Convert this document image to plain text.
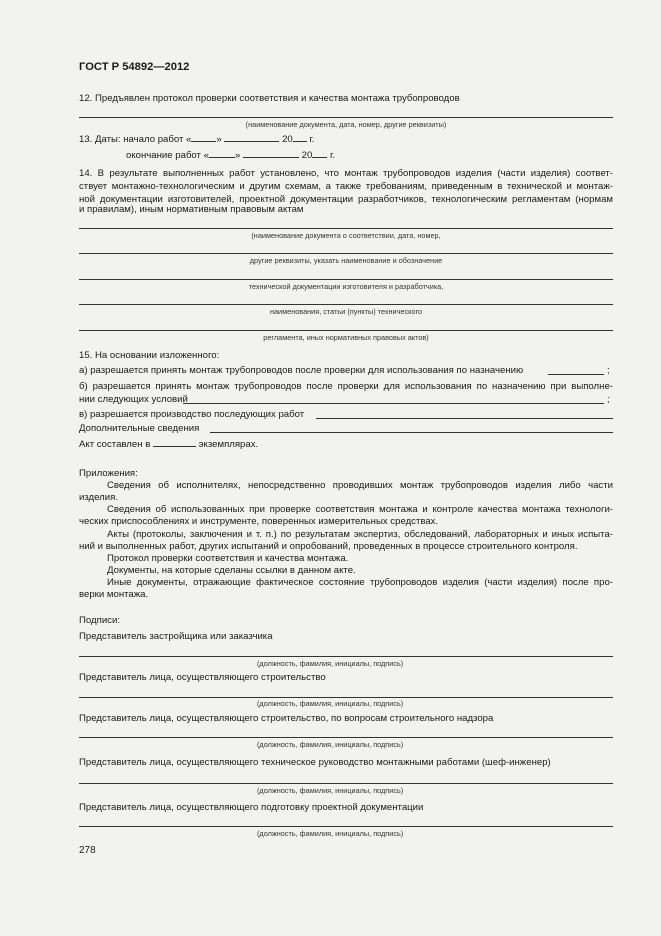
ГОСТ Р 54892—2012
12. Предъявлен протокол проверки соответствия и качества монтажа трубопроводов
(наименование документа, дата, номер, другие реквизиты)
13. Даты: начало работ «	»	20 г.
окончание работ «	»	20 г.
14. В результате выполненных работ установлено, что монтаж трубопроводов изделия (части изделия) соответ-
ствует монтажно-технологическим и другим схемам, а также требованиям, приведенным в технической и монтаж-
ной документации изготовителей, проектной документации разработчиков, технологическим регламентам (нормам
и правилам), иным нормативным правовым актам
(наименование документа о соответствии, дата, номер,
другие реквизиты, указать наименование и обозначение
технической документации изготовителя и разработчика,
наименования, статьи (пункты) технического
регламента, иных нормативных правовых актов)
15. На основании изложенного:
а) разрешается принять монтаж трубопроводов после проверки для использования по назначению	;
б) разрешается принять монтаж трубопроводов после проверки для использования по назначению при выполне-
нии следующих условий	;
в) разрешается производство последующих работ
Дополнительные сведения
Акт составлен в	экземплярах.
Приложения:
Сведения об исполнителях, непосредственно проводивших монтаж трубопроводов изделия либо части
изделия.
Сведения об использованных при проверке соответствия монтажа и контроле качества монтажа технологи-
ческих приспособлениях и инструменте, поверенных измерительных средствах.
Акты (протоколы, заключения и т. п.) по результатам экспертиз, обследований, лабораторных и иных испыта-
ний и выполненных работ, других испытаний и опробований, проведенных в процессе строительного контроля.
Протокол проверки соответствия и качества монтажа.
Документы, на которые сделаны ссылки в данном акте.
Иные документы, отражающие фактическое состояние трубопроводов изделия (части изделия) после про-
верки монтажа.
Подписи:
Представитель застройщика или заказчика
(должность, фамилия, инициалы, подпись)
Представитель лица, осуществляющего строительство
(должность, фамилия, инициалы, подпись)
Представитель лица, осуществляющего строительство, по вопросам строительного надзора
(должность, фамилия, инициалы, подпись)
Представитель лица, осуществляющего техническое руководство монтажными работами (шеф-инженер)
(должность, фамилия, инициалы, подпись)
Представитель лица, осуществляющего подготовку проектной документации
(должность, фамилия, инициалы, подпись)
278
